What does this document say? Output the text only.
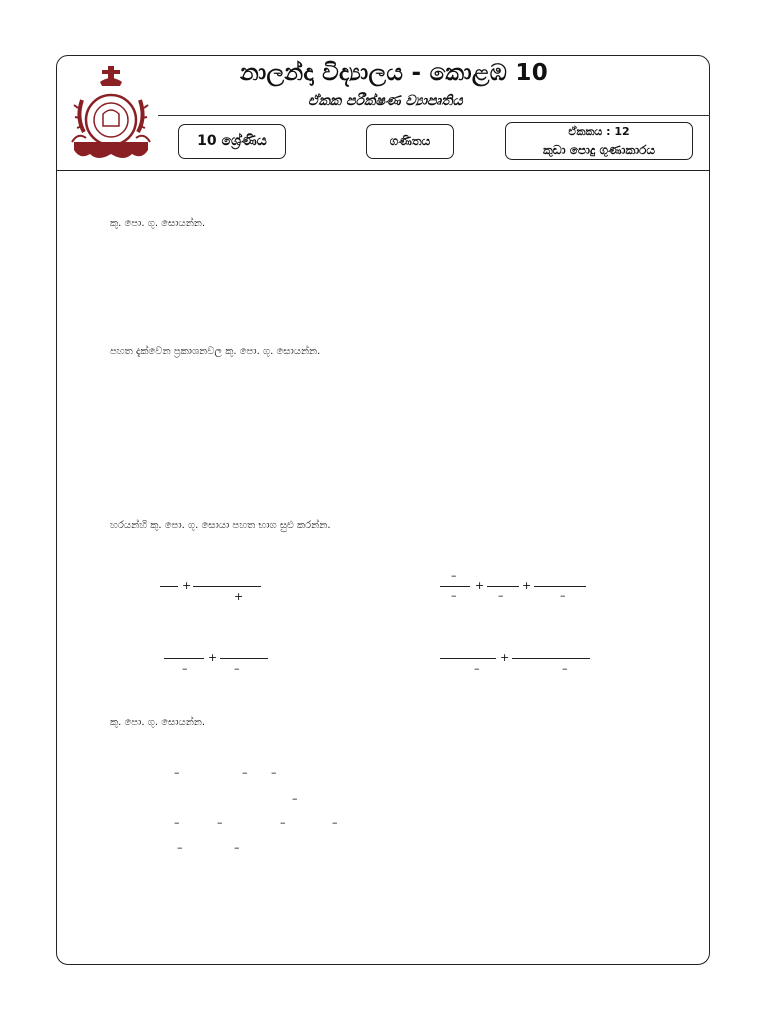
නාලන්දා විද්‍යාලය - කොළඹ 10
ඒකක පරීක්ෂණ ව්‍යාපෘතිය
10 ශ්‍රේණිය	ගණිතය
ඒකකය : 12
කුඩා පොදු ගුණාකාරය
කු. පො. ගු. සොයන්න.
පහත දැක්වෙන ප්‍රකාශනවල කු. පො. ගු. සොයන්න.
හරයන්හි කු. පො. ගු. සොයා පහත භාග සුළු කරන්න.
+
+
–
–
+
–
+
–
–
+
–	–
+
–
කු. පො. ගු. සොයන්න.
–	– –
–
–	–	–	–
–	–
